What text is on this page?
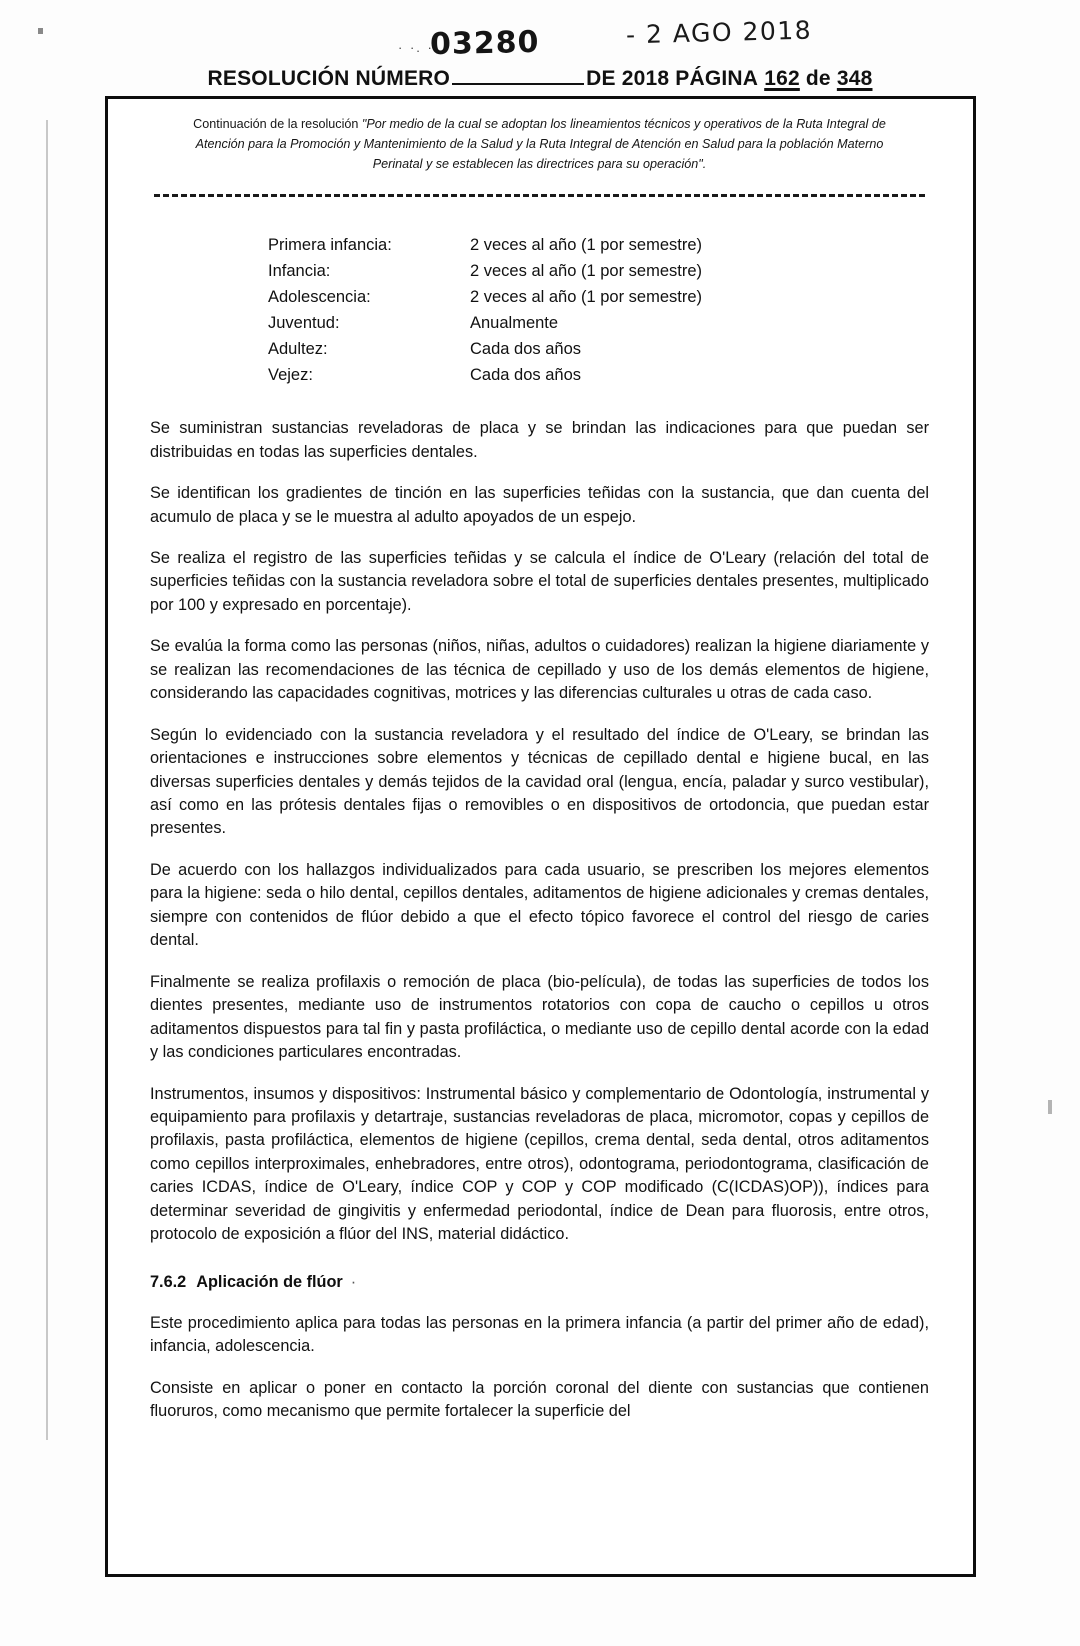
· ·. ·
03280	- 2 AGO 2018
RESOLUCIÓN NÚMERO	DE 2018 PÁGINA 162 de 348
Continuación de la resolución "Por medio de la cual se adoptan los lineamientos técnicos y operativos de la Ruta Integral de Atención para la Promoción y Mantenimiento de la Salud y la Ruta Integral de Atención en Salud para la población Materno Perinatal y se establecen las directrices para su operación".
Primera infancia:	2 veces al año (1 por semestre)
Infancia:	2 veces al año (1 por semestre)
Adolescencia:	2 veces al año (1 por semestre)
Juventud:	Anualmente
Adultez:	Cada dos años
Vejez:	Cada dos años

Se suministran sustancias reveladoras de placa y se brindan las indicaciones para que puedan ser distribuidas en todas las superficies dentales.

Se identifican los gradientes de tinción en las superficies teñidas con la sustancia, que dan cuenta del acumulo de placa y se le muestra al adulto apoyados de un espejo.

Se realiza el registro de las superficies teñidas y se calcula el índice de O'Leary (relación del total de superficies teñidas con la sustancia reveladora sobre el total de superficies dentales presentes, multiplicado por 100 y expresado en porcentaje).

Se evalúa la forma como las personas (niños, niñas, adultos o cuidadores) realizan la higiene diariamente y se realizan las recomendaciones de las técnica de cepillado y uso de los demás elementos de higiene, considerando las capacidades cognitivas, motrices y las diferencias culturales u otras de cada caso.

Según lo evidenciado con la sustancia reveladora y el resultado del índice de O'Leary, se brindan las orientaciones e instrucciones sobre elementos y técnicas de cepillado dental e higiene bucal, en las diversas superficies dentales y demás tejidos de la cavidad oral (lengua, encía, paladar y surco vestibular), así como en las prótesis dentales fijas o removibles o en dispositivos de ortodoncia, que puedan estar presentes.

De acuerdo con los hallazgos individualizados para cada usuario, se prescriben los mejores elementos para la higiene: seda o hilo dental, cepillos dentales, aditamentos de higiene adicionales y cremas dentales, siempre con contenidos de flúor debido a que el efecto tópico favorece el control del riesgo de caries dental.

Finalmente se realiza profilaxis o remoción de placa (bio-película), de todas las superficies de todos los dientes presentes, mediante uso de instrumentos rotatorios con copa de caucho o cepillos u otros aditamentos dispuestos para tal fin y pasta profiláctica, o mediante uso de cepillo dental acorde con la edad y las condiciones particulares encontradas.

Instrumentos, insumos y dispositivos: Instrumental básico y complementario de Odontología, instrumental y equipamiento para profilaxis y detartraje, sustancias reveladoras de placa, micromotor, copas y cepillos de profilaxis, pasta profiláctica, elementos de higiene (cepillos, crema dental, seda dental, otros aditamentos como cepillos interproximales, enhebradores, entre otros), odontograma, periodontograma, clasificación de caries ICDAS, índice de O'Leary, índice COP y COP y COP modificado (C(ICDAS)OP)), índices para determinar severidad de gingivitis y enfermedad periodontal, índice de Dean para fluorosis, entre otros, protocolo de exposición a flúor del INS, material didáctico.

7.6.2 Aplicación de flúor ·

Este procedimiento aplica para todas las personas en la primera infancia (a partir del primer año de edad), infancia, adolescencia.

Consiste en aplicar o poner en contacto la porción coronal del diente con sustancias que contienen fluoruros, como mecanismo que permite fortalecer la superficie del
